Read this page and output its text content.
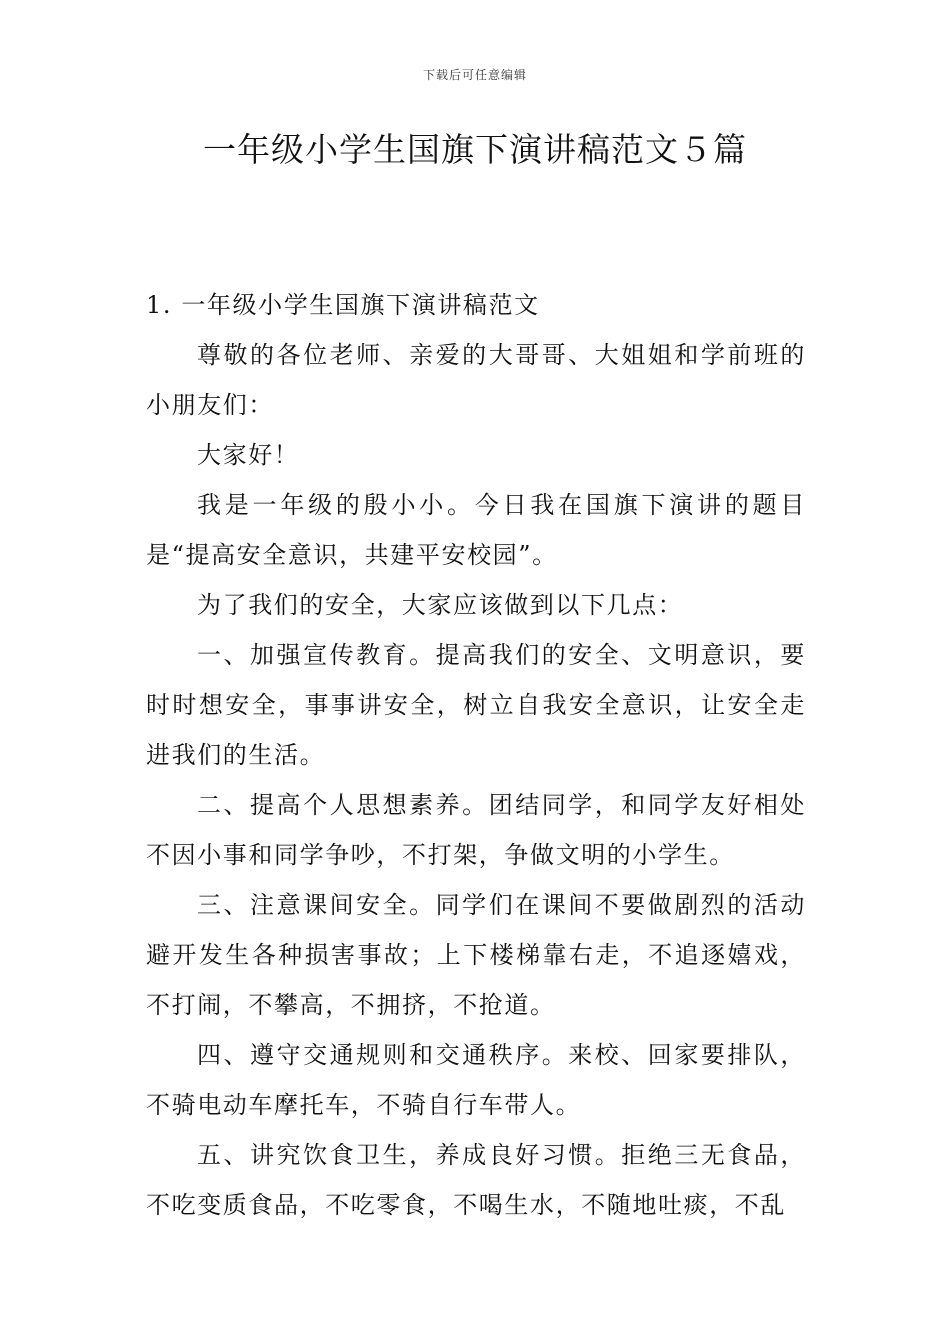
下载后可任意编辑
一年级小学生国旗下演讲稿范文５篇

1. 一年级小学生国旗下演讲稿范文

尊敬的各位老师、亲爱的大哥哥、大姐姐和学前班的小朋友们：

大家好！

我是一年级的殷小小。今日我在国旗下演讲的题目是“提高安全意识，共建平安校园”。

为了我们的安全，大家应该做到以下几点：

一、加强宣传教育。提高我们的安全、文明意识，要时时想安全，事事讲安全，树立自我安全意识，让安全走进我们的生活。

二、提高个人思想素养。团结同学，和同学友好相处不因小事和同学争吵，不打架，争做文明的小学生。

三、注意课间安全。同学们在课间不要做剧烈的活动避开发生各种损害事故；上下楼梯靠右走，不追逐嬉戏，不打闹，不攀高，不拥挤，不抢道。

四、遵守交通规则和交通秩序。来校、回家要排队，不骑电动车摩托车，不骑自行车带人。

五、讲究饮食卫生，养成良好习惯。拒绝三无食品，不吃变质食品，不吃零食，不喝生水，不随地吐痰，不乱
